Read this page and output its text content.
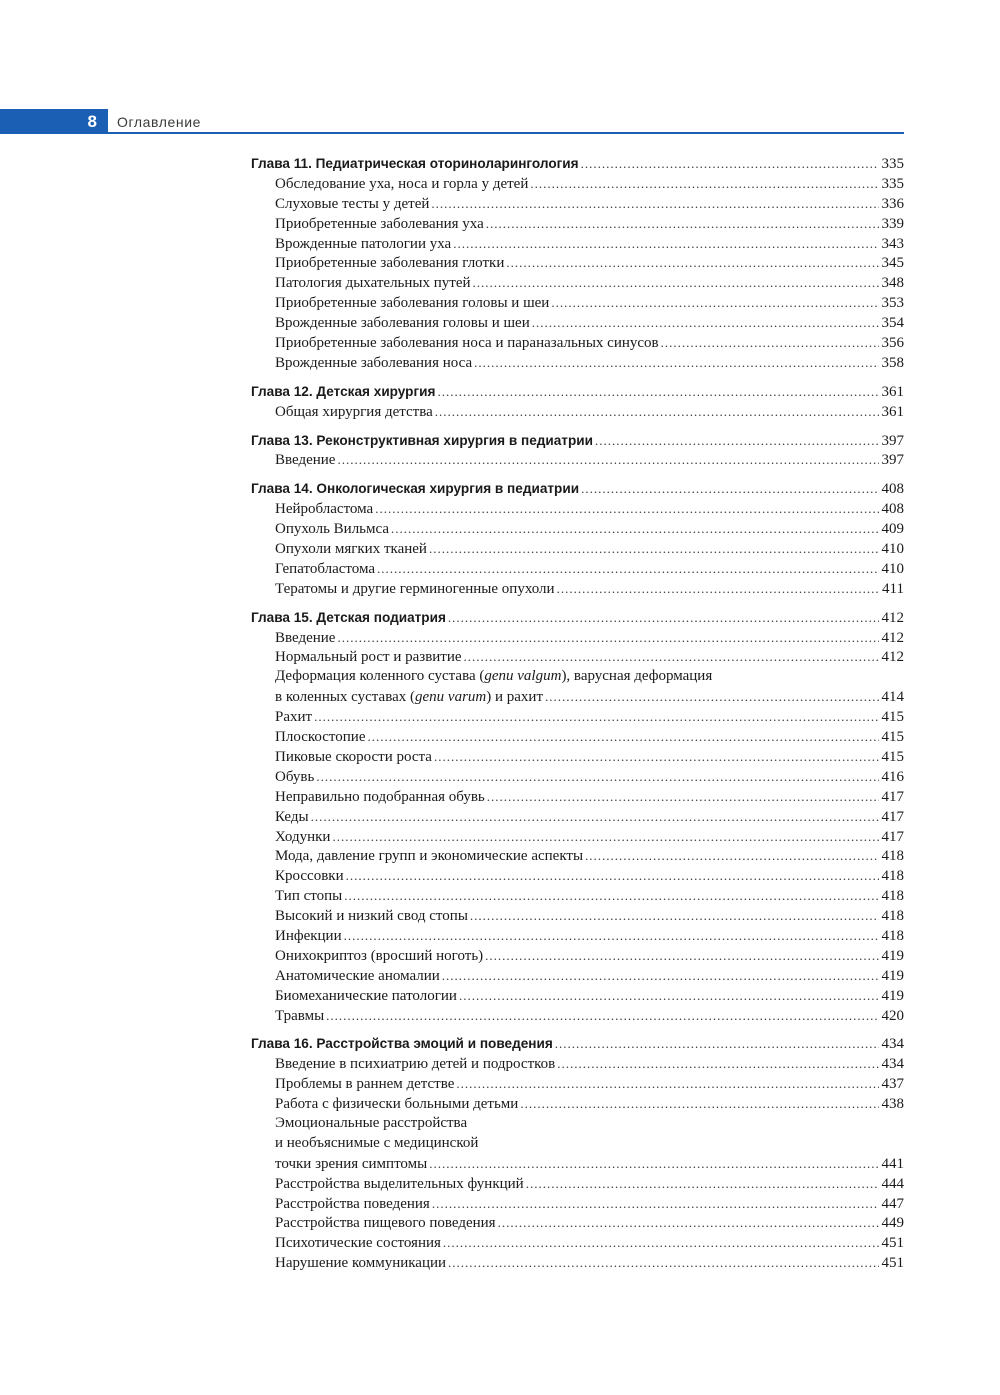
8 Оглавление
Глава 11. Педиатрическая оториноларингология .....	335
Обследование уха, носа и горла у детей .....	335
Слуховые тесты у детей .....	336
Приобретенные заболевания уха .....	339
Врожденные патологии уха .....	343
Приобретенные заболевания глотки .....	345
Патология дыхательных путей .....	348
Приобретенные заболевания головы и шеи .....	353
Врожденные заболевания головы и шеи .....	354
Приобретенные заболевания носа и параназальных синусов .....	356
Врожденные заболевания носа .....	358
Глава 12. Детская хирургия .....	361
Общая хирургия детства .....	361
Глава 13. Реконструктивная хирургия в педиатрии .....	397
Введение .....	397
Глава 14. Онкологическая хирургия в педиатрии .....	408
Нейробластома .....	408
Опухоль Вильмса .....	409
Опухоли мягких тканей .....	410
Гепатобластома .....	410
Тератомы и другие герминогенные опухоли .....	411
Глава 15. Детская подиатрия .....	412
Введение .....	412
Нормальный рост и развитие .....	412
Деформация коленного сустава (genu valgum), варусная деформация
в коленных суставах (genu varum) и рахит .....	414
Рахит .....	415
Плоскостопие .....	415
Пиковые скорости роста .....	415
Обувь .....	416
Неправильно подобранная обувь .....	417
Кеды .....	417
Ходунки .....	417
Мода, давление групп и экономические аспекты .....	418
Кроссовки .....	418
Тип стопы .....	418
Высокий и низкий свод стопы .....	418
Инфекции .....	418
Онихокриптоз (вросший ноготь) .....	419
Анатомические аномалии .....	419
Биомеханические патологии .....	419
Травмы .....	420
Глава 16. Расстройства эмоций и поведения .....	434
Введение в психиатрию детей и подростков .....	434
Проблемы в раннем детстве .....	437
Работа с физически больными детьми .....	438
Эмоциональные расстройства
и необъяснимые с медицинской
точки зрения симптомы .....	441
Расстройства выделительных функций .....	444
Расстройства поведения .....	447
Расстройства пищевого поведения .....	449
Психотические состояния .....	451
Нарушение коммуникации .....	451
